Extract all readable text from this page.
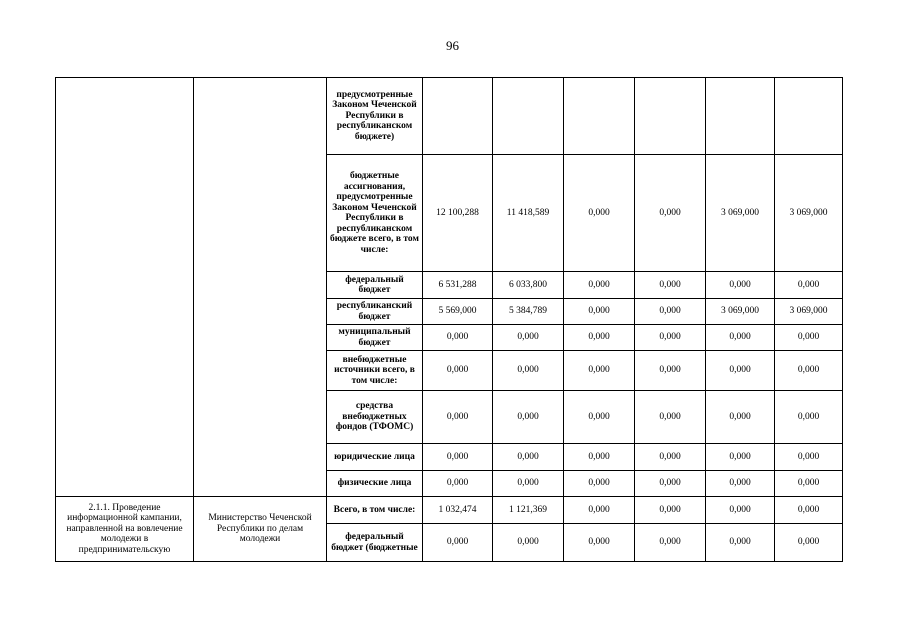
96
		предусмотренные Законом Чеченской Республики в республиканском бюджете)						
		бюджетные ассигнования, предусмотренные Законом Чеченской Республики в республиканском бюджете всего, в том числе:	12 100,288	11 418,589	0,000	0,000	3 069,000	3 069,000
		федеральный бюджет	6 531,288	6 033,800	0,000	0,000	0,000	0,000
		республиканский бюджет	5 569,000	5 384,789	0,000	0,000	3 069,000	3 069,000
		муниципальный бюджет	0,000	0,000	0,000	0,000	0,000	0,000
		внебюджетные источники всего, в том числе:	0,000	0,000	0,000	0,000	0,000	0,000
		средства внебюджетных фондов (ТФОМС)	0,000	0,000	0,000	0,000	0,000	0,000
		юридические лица	0,000	0,000	0,000	0,000	0,000	0,000
		физические лица	0,000	0,000	0,000	0,000	0,000	0,000
2.1.1. Проведение информационной кампании, направленной на вовлечение молодежи в предпринимательскую	Министерство Чеченской Республики по делам молодежи	Всего, в том числе:	1 032,474	1 121,369	0,000	0,000	0,000	0,000
		федеральный бюджет (бюджетные	0,000	0,000	0,000	0,000	0,000	0,000
